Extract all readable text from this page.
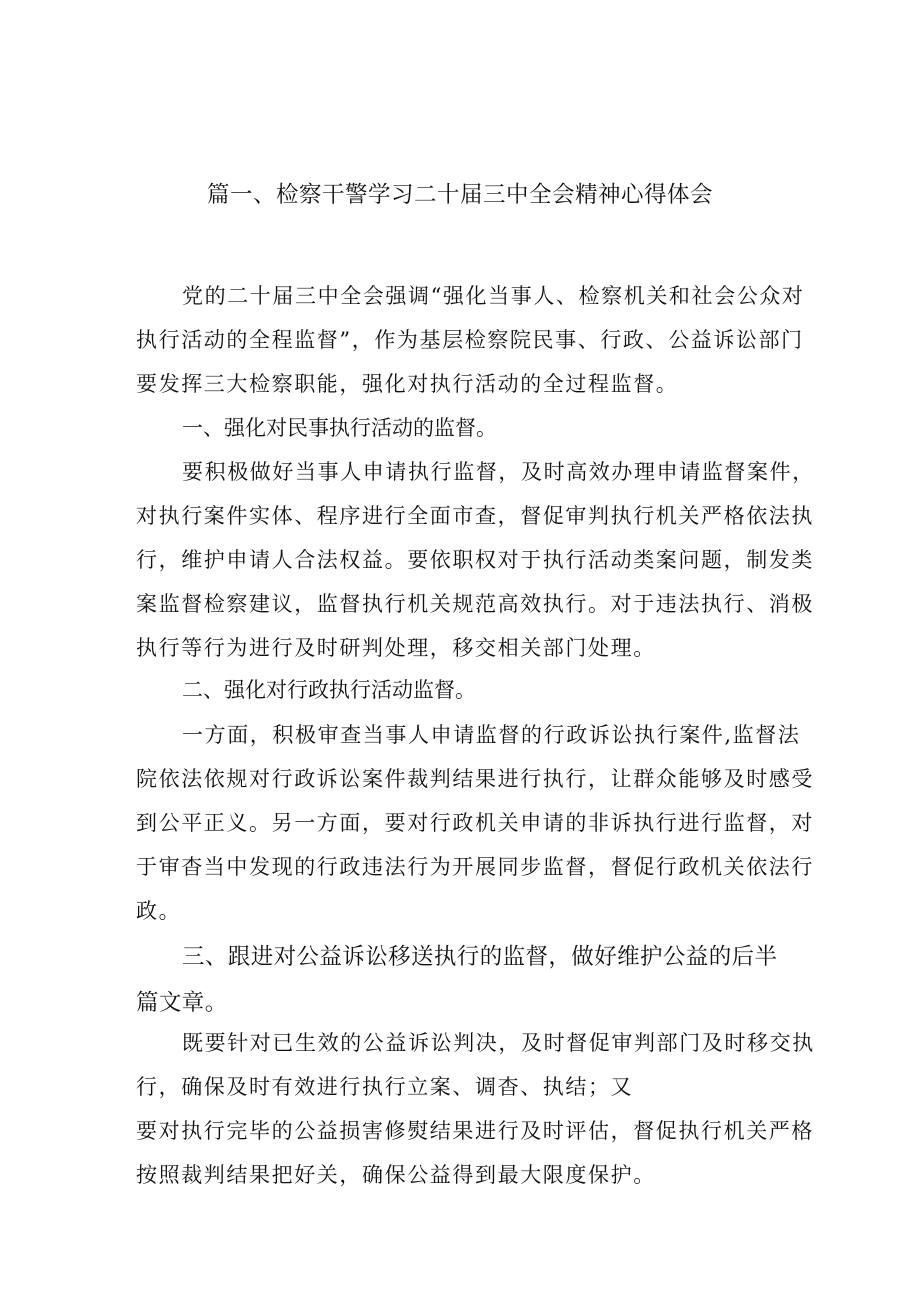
篇一、检察干警学习二十届三中全会精神心得体会
党的二十届三中全会强调“强化当事人、检察机关和社会公众对
执行活动的全程监督”，作为基层检察院民事、行政、公益诉讼部门
要发挥三大检察职能，强化对执行活动的全过程监督。
一、强化对民事执行活动的监督。
要积极做好当事人申请执行监督，及时高效办理申请监督案件，
对执行案件实体、程序进行全面市查，督促审判执行机关严格依法执
行，维护申请人合法权益。要依职权对于执行活动类案问题，制发类
案监督检察建议，监督执行机关规范高效执行。对于违法执行、消极
执行等行为进行及时研判处理，移交相关部门处理。
二、强化对行政执行活动监督。
一方面，积极审查当事人申请监督的行政诉讼执行案件,监督法
院依法依规对行政诉讼案件裁判结果进行执行，让群众能够及时感受
到公平正义。另一方面，要对行政机关申请的非诉执行进行监督，对
于审杳当中发现的行政违法行为开展同步监督，督促行政机关依法行
政。
三、跟进对公益诉讼移送执行的监督，做好维护公益的后半
篇文章。
既要针对已生效的公益诉讼判决，及时督促审判部门及时移交执
行，确保及时有效进行执行立案、调杳、执结；又
要对执行完毕的公益损害修熨结果进行及时评估，督促执行机关严格
按照裁判结果把好关，确保公益得到最大限度保护。
